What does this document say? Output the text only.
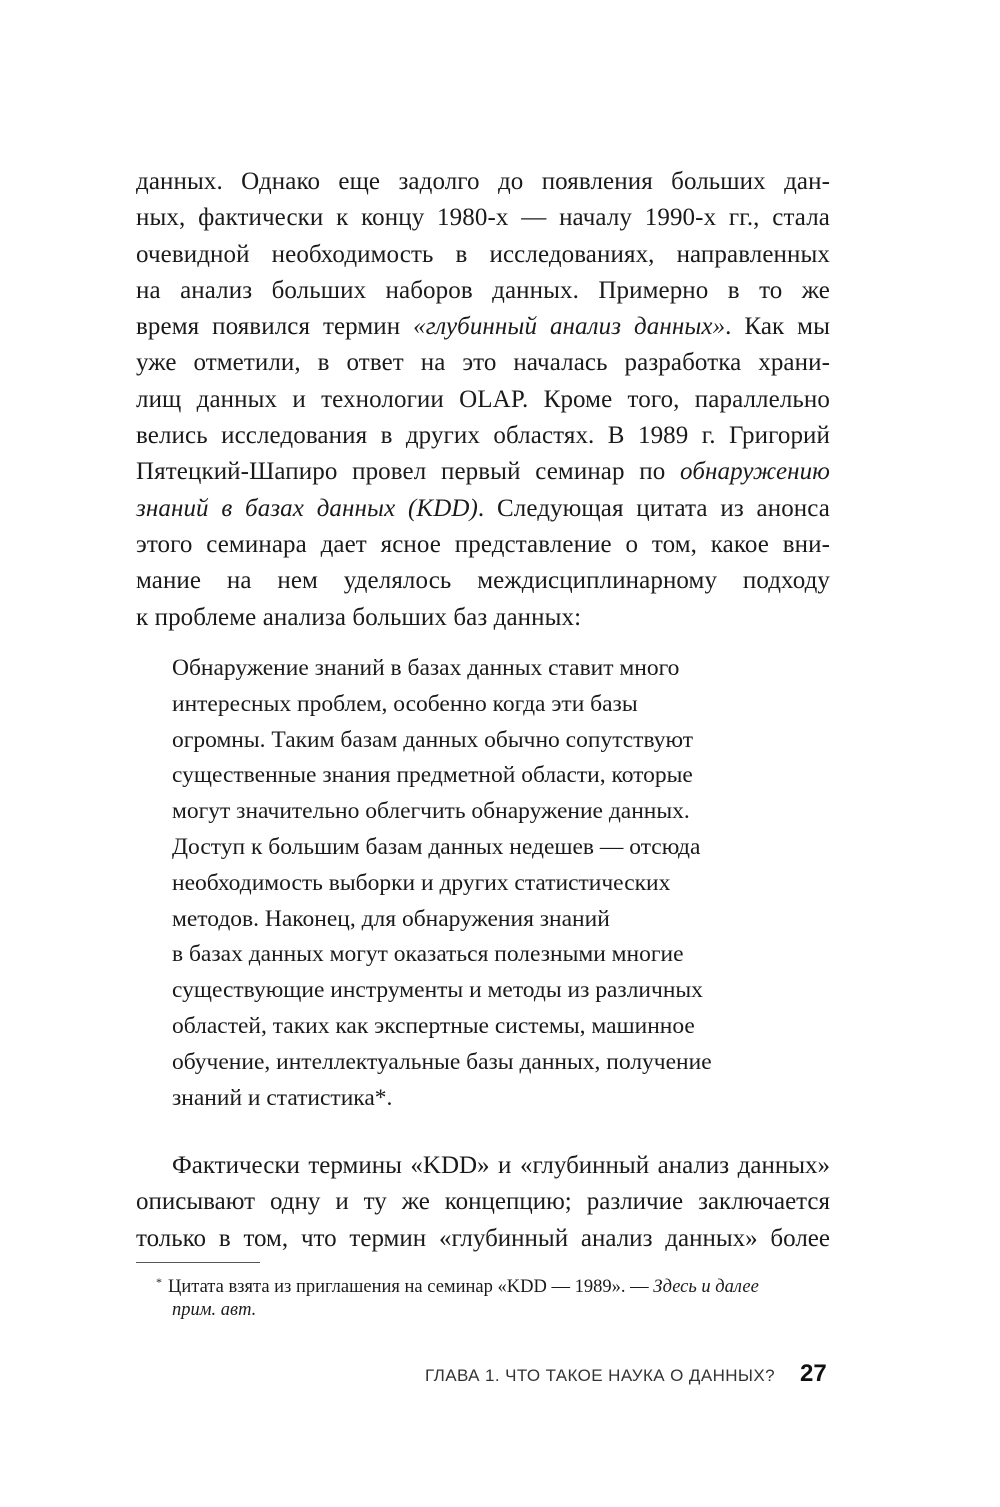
данных. Однако еще задолго до появления больших дан-
ных, фактически к концу 1980-х — началу 1990-х гг., стала
очевидной необходимость в исследованиях, направленных
на анализ больших наборов данных. Примерно в то же
время появился термин «глубинный анализ данных». Как мы
уже отметили, в ответ на это началась разработка храни-
лищ данных и технологии OLAP. Кроме того, параллельно
велись исследования в других областях. В 1989 г. Григорий
Пятецкий-Шапиро провел первый семинар по обнаружению
знаний в базах данных (KDD). Следующая цитата из анонса
этого семинара дает ясное представление о том, какое вни-
мание на нем уделялось междисциплинарному подходу
к проблеме анализа больших баз данных:
Обнаружение знаний в базах данных ставит много
интересных проблем, особенно когда эти базы
огромны. Таким базам данных обычно сопутствуют
существенные знания предметной области, которые
могут значительно облегчить обнаружение данных.
Доступ к большим базам данных недешев — отсюда
необходимость выборки и других статистических
методов. Наконец, для обнаружения знаний
в базах данных могут оказаться полезными многие
существующие инструменты и методы из различных
областей, таких как экспертные системы, машинное
обучение, интеллектуальные базы данных, получение
знаний и статистика*.
Фактически термины «KDD» и «глубинный анализ данных»
описывают одну и ту же концепцию; различие заключается
только в том, что термин «глубинный анализ данных» более
* Цитата взята из приглашения на семинар «KDD — 1989». — Здесь и далее
прим. авт.
ГЛАВА 1. ЧТО ТАКОЕ НАУКА О ДАННЫХ? 27
